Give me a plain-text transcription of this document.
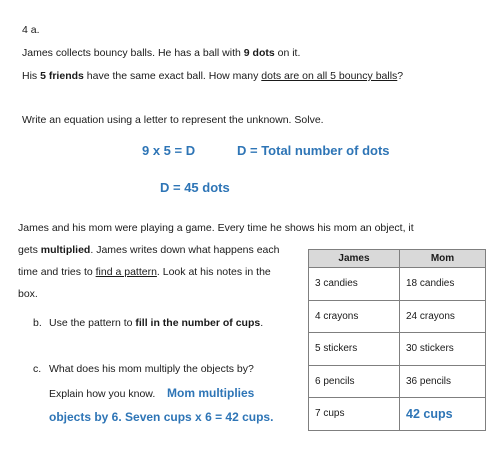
4 a.
James collects bouncy balls. He has a ball with 9 dots on it.
His 5 friends have the same exact ball. How many dots are on all 5 bouncy balls?
Write an equation using a letter to represent the unknown. Solve.
9 x 5 = D	D = Total number of dots
D = 45 dots
James and his mom were playing a game. Every time he shows his mom an object, it
gets multiplied. James writes down what happens each
time and tries to find a pattern. Look at his notes in the
box.
b. Use the pattern to fill in the number of cups.
c. What does his mom multiply the objects by?
Explain how you know. Mom multiplies
objects by 6. Seven cups x 6 = 42 cups.
James	Mom
3 candies	18 candies
4 crayons	24 crayons
5 stickers	30 stickers
6 pencils	36 pencils
7 cups	42 cups
